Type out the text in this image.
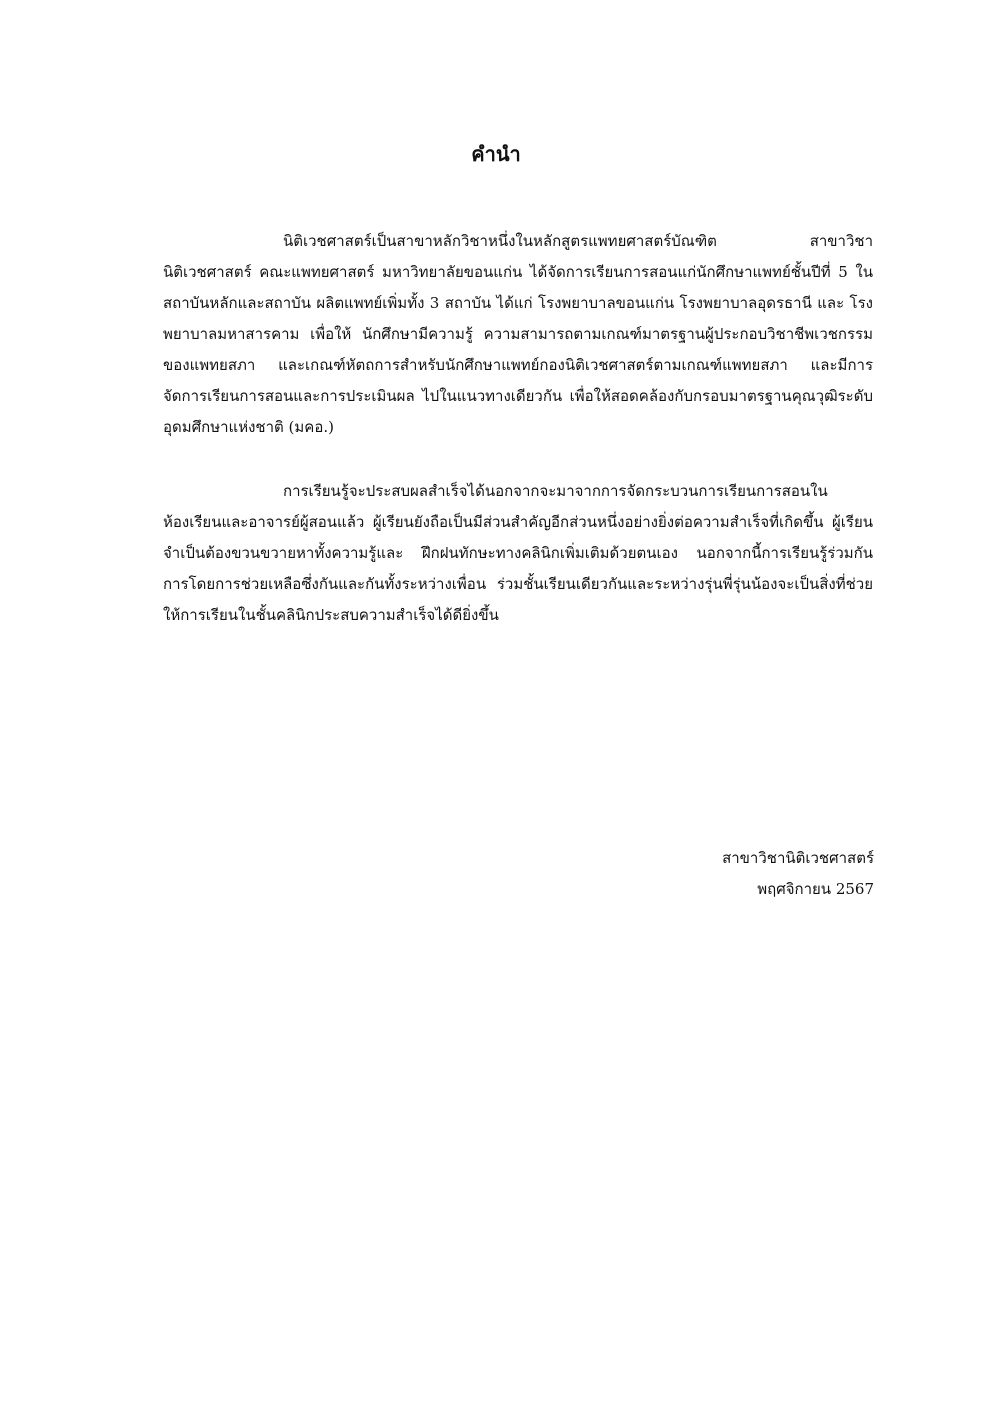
คำนำ

นิติเวชศาสตร์เป็นสาขาหลักวิชาหนึ่งในหลักสูตรแพทยศาสตร์บัณฑิต สาขาวิชานิติเวชศาสตร์ คณะแพทยศาสตร์ มหาวิทยาลัยขอนแก่น ได้จัดการเรียนการสอนแก่นักศึกษาแพทย์ชั้นปีที่ 5 ในสถาบันหลักและสถาบัน ผลิตแพทย์เพิ่มทั้ง 3 สถาบัน ได้แก่ โรงพยาบาลขอนแก่น โรงพยาบาลอุดรธานี และ โรงพยาบาลมหาสารคาม เพื่อให้ นักศึกษามีความรู้ ความสามารถตามเกณฑ์มาตรฐานผู้ประกอบวิชาชีพเวชกรรมของแพทยสภา และเกณฑ์หัตถการสำหรับนักศึกษาแพทย์กองนิติเวชศาสตร์ตามเกณฑ์แพทยสภา และมีการจัดการเรียนการสอนและการประเมินผล ไปในแนวทางเดียวกัน เพื่อให้สอดคล้องกับกรอบมาตรฐานคุณวุฒิระดับอุดมศึกษาแห่งชาติ (มคอ.)

การเรียนรู้จะประสบผลสำเร็จได้นอกจากจะมาจากการจัดกระบวนการเรียนการสอนในห้องเรียนและอาจารย์ผู้สอนแล้ว ผู้เรียนยังถือเป็นมีส่วนสำคัญอีกส่วนหนึ่งอย่างยิ่งต่อความสำเร็จที่เกิดขึ้น ผู้เรียนจำเป็นต้องขวนขวายหาทั้งความรู้และ ฝึกฝนทักษะทางคลินิกเพิ่มเติมด้วยตนเอง นอกจากนี้การเรียนรู้ร่วมกัน การโดยการช่วยเหลือซึ่งกันและกันทั้งระหว่างเพื่อน ร่วมชั้นเรียนเดียวกันและระหว่างรุ่นพี่รุ่นน้องจะเป็นสิ่งที่ช่วยให้การเรียนในชั้นคลินิกประสบความสำเร็จได้ดียิ่งขึ้น

สาขาวิชานิติเวชศาสตร์
พฤศจิกายน 2567
